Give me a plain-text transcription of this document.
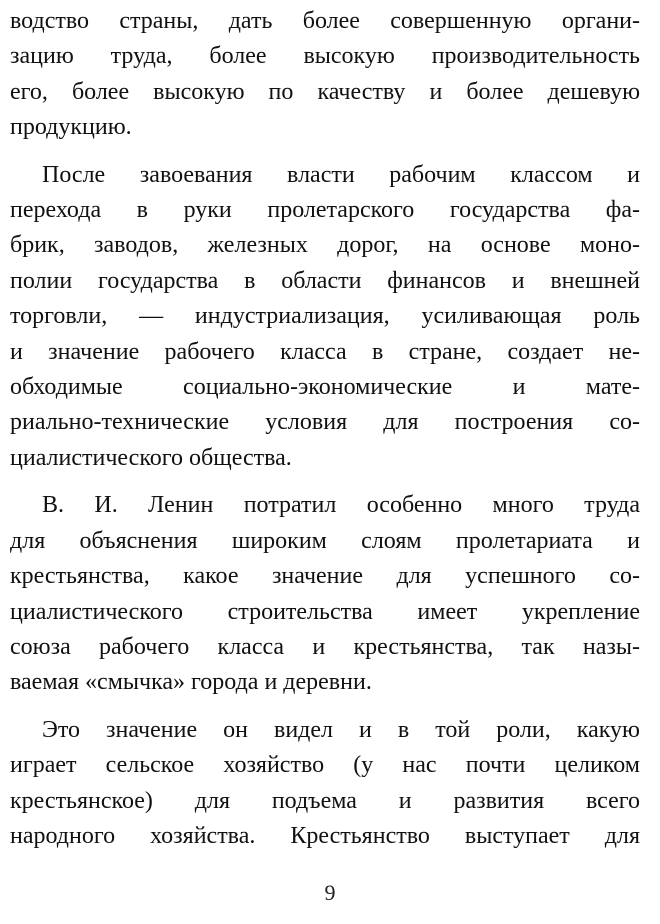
водство страны, дать более совершенную органи-
зацию труда, более высокую производительность
его, более высокую по качеству и более дешевую
продукцию.

После завоевания власти рабочим классом и
перехода в руки пролетарского государства фа-
брик, заводов, железных дорог, на основе моно-
полии государства в области финансов и внешней
торговли, — индустриализация, усиливающая роль
и значение рабочего класса в стране, создает не-
обходимые социально-экономические и мате-
риально-технические условия для построения со-
циалистического общества.

В. И. Ленин потратил особенно много труда
для объяснения широким слоям пролетариата и
крестьянства, какое значение для успешного со-
циалистического строительства имеет укрепление
союза рабочего класса и крестьянства, так назы-
ваемая «смычка» города и деревни.

Это значение он видел и в той роли, какую
играет сельское хозяйство (у нас почти целиком
крестьянское) для подъема и развития всего
народного хозяйства. Крестьянство выступает для

9
